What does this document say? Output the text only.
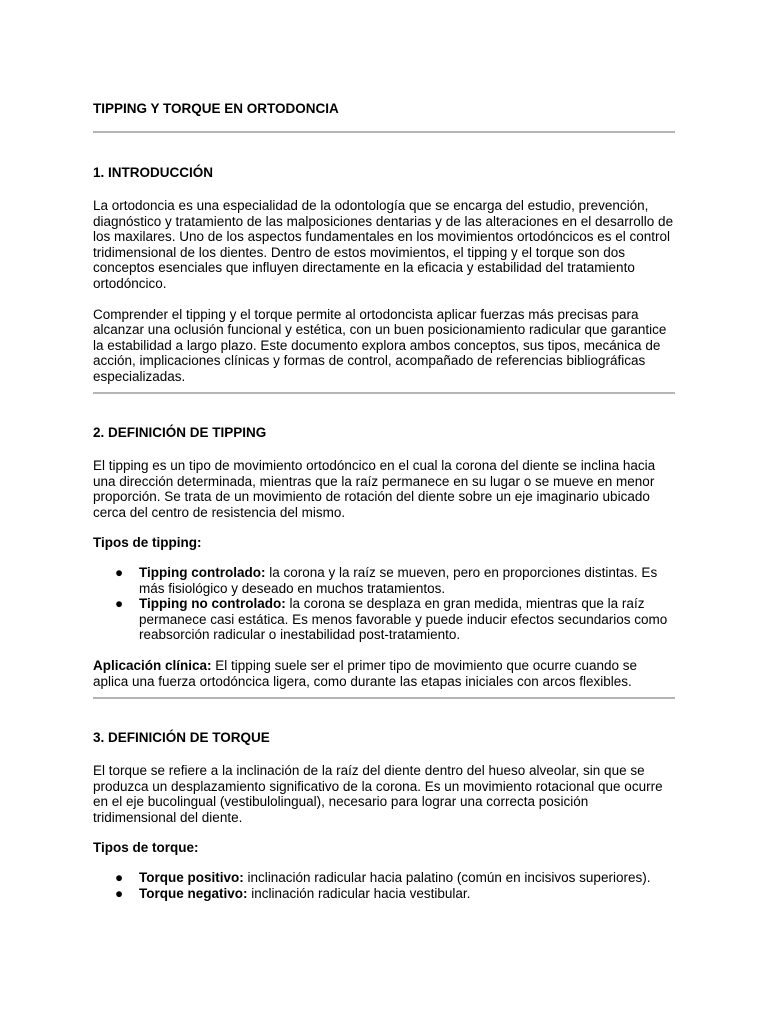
TIPPING Y TORQUE EN ORTODONCIA
1. INTRODUCCIÓN

La ortodoncia es una especialidad de la odontología que se encarga del estudio, prevención, diagnóstico y tratamiento de las malposiciones dentarias y de las alteraciones en el desarrollo de los maxilares. Uno de los aspectos fundamentales en los movimientos ortodóncicos es el control tridimensional de los dientes. Dentro de estos movimientos, el tipping y el torque son dos conceptos esenciales que influyen directamente en la eficacia y estabilidad del tratamiento ortodóncico.

Comprender el tipping y el torque permite al ortodoncista aplicar fuerzas más precisas para alcanzar una oclusión funcional y estética, con un buen posicionamiento radicular que garantice la estabilidad a largo plazo. Este documento explora ambos conceptos, sus tipos, mecánica de acción, implicaciones clínicas y formas de control, acompañado de referencias bibliográficas especializadas.

2. DEFINICIÓN DE TIPPING

El tipping es un tipo de movimiento ortodóncico en el cual la corona del diente se inclina hacia una dirección determinada, mientras que la raíz permanece en su lugar o se mueve en menor proporción. Se trata de un movimiento de rotación del diente sobre un eje imaginario ubicado cerca del centro de resistencia del mismo.

Tipos de tipping:

● Tipping controlado: la corona y la raíz se mueven, pero en proporciones distintas. Es más fisiológico y deseado en muchos tratamientos.
● Tipping no controlado: la corona se desplaza en gran medida, mientras que la raíz permanece casi estática. Es menos favorable y puede inducir efectos secundarios como reabsorción radicular o inestabilidad post-tratamiento.

Aplicación clínica: El tipping suele ser el primer tipo de movimiento que ocurre cuando se aplica una fuerza ortodóncica ligera, como durante las etapas iniciales con arcos flexibles.

3. DEFINICIÓN DE TORQUE

El torque se refiere a la inclinación de la raíz del diente dentro del hueso alveolar, sin que se produzca un desplazamiento significativo de la corona. Es un movimiento rotacional que ocurre en el eje bucolingual (vestibulolingual), necesario para lograr una correcta posición tridimensional del diente.

Tipos de torque:

● Torque positivo: inclinación radicular hacia palatino (común en incisivos superiores).
● Torque negativo: inclinación radicular hacia vestibular.
